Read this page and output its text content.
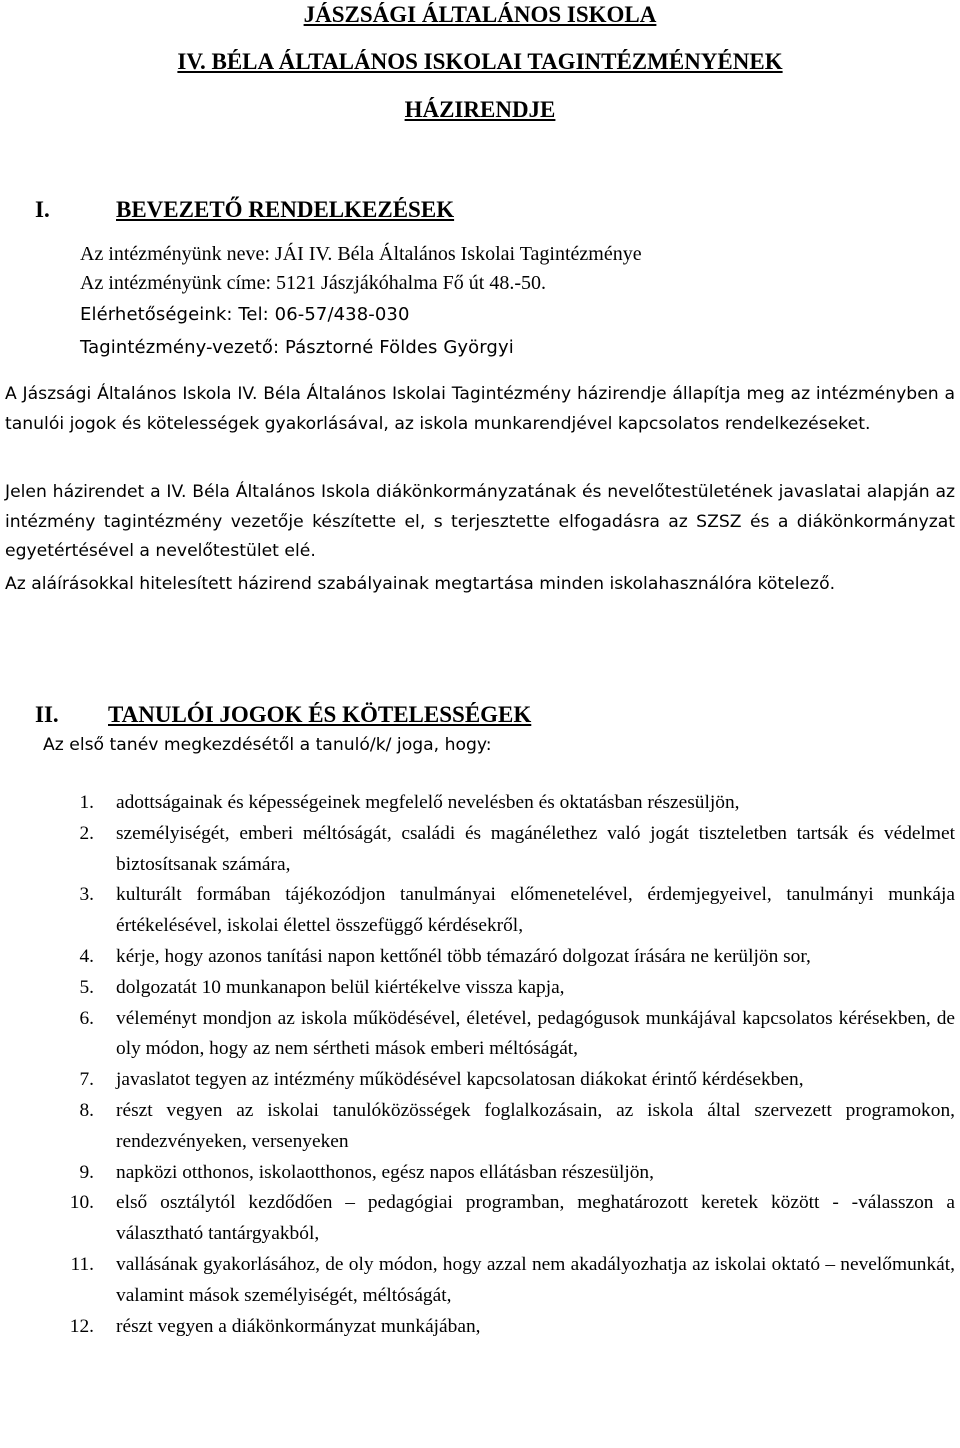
JÁSZSÁGI ÁLTALÁNOS ISKOLA
IV. BÉLA ÁLTALÁNOS ISKOLAI TAGINTÉZMÉNYÉNEK
HÁZIRENDJE
I.	BEVEZETŐ RENDELKEZÉSEK
Az intézményünk neve: JÁI IV. Béla Általános Iskolai Tagintézménye
Az intézményünk címe: 5121 Jászjákóhalma Fő út 48.-50.
Elérhetőségeink: Tel: 06-57/438-030
Tagintézmény-vezető: Pásztorné Földes Györgyi

A Jászsági Általános Iskola IV. Béla Általános Iskolai Tagintézmény házirendje állapítja meg az intézményben a tanulói jogok és kötelességek gyakorlásával, az iskola munkarendjével kapcsolatos rendelkezéseket.

Jelen házirendet a IV. Béla Általános Iskola diákönkormányzatának és nevelőtestületének javaslatai alapján az intézmény tagintézmény vezetője készítette el, s terjesztette elfogadásra az SZSZ és a diákönkormányzat egyetértésével a nevelőtestület elé.

Az aláírásokkal hitelesített házirend szabályainak megtartása minden iskolahasználóra kötelező.

II. TANULÓI JOGOK ÉS KÖTELESSÉGEK
Az első tanév megkezdésétől a tanuló/k/ joga, hogy:
1. adottságainak és képességeinek megfelelő nevelésben és oktatásban részesüljön,
2. személyiségét, emberi méltóságát, családi és magánélethez való jogát tiszteletben tartsák és védelmet biztosítsanak számára,
3. kulturált formában tájékozódjon tanulmányai előmenetelével, érdemjegyeivel, tanulmányi munkája értékelésével, iskolai élettel összefüggő kérdésekről,
4. kérje, hogy azonos tanítási napon kettőnél több témazáró dolgozat írására ne kerüljön sor,
5. dolgozatát 10 munkanapon belül kiértékelve vissza kapja,
6. véleményt mondjon az iskola működésével, életével, pedagógusok munkájával kapcsolatos kérésekben, de oly módon, hogy az nem sértheti mások emberi méltóságát,
7. javaslatot tegyen az intézmény működésével kapcsolatosan diákokat érintő kérdésekben,
8. részt vegyen az iskolai tanulóközösségek foglalkozásain, az iskola által szervezett programokon, rendezvényeken, versenyeken
9. napközi otthonos, iskolaotthonos, egész napos ellátásban részesüljön,
10. első osztálytól kezdődően – pedagógiai programban, meghatározott keretek között - -válasszon a választható tantárgyakból,
11. vallásának gyakorlásához, de oly módon, hogy azzal nem akadályozhatja az iskolai oktató – nevelőmunkát, valamint mások személyiségét, méltóságát,
12. részt vegyen a diákönkormányzat munkájában,
